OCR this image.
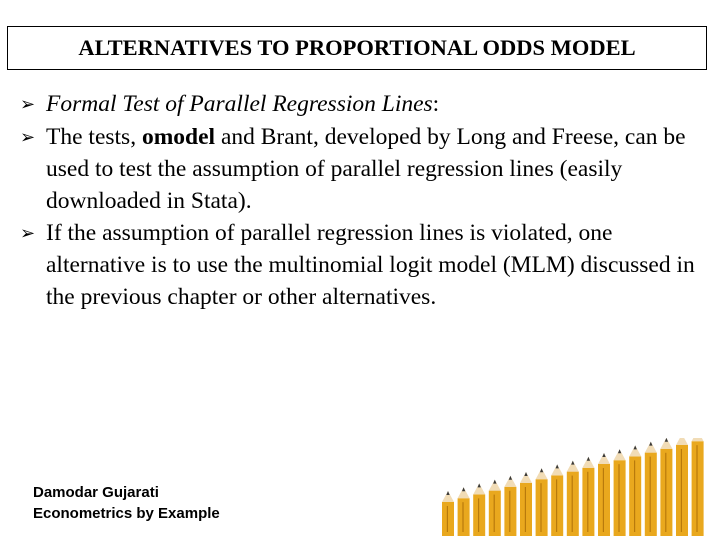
ALTERNATIVES TO PROPORTIONAL ODDS MODEL
➢ Formal Test of Parallel Regression Lines:
➢ The tests, omodel and Brant, developed by Long and Freese, can be used to test the assumption of parallel regression lines (easily downloaded in Stata).
➢ If the assumption of parallel regression lines is violated, one alternative is to use the multinomial logit model (MLM) discussed in the previous chapter or other alternatives.
Damodar Gujarati
Econometrics by Example
